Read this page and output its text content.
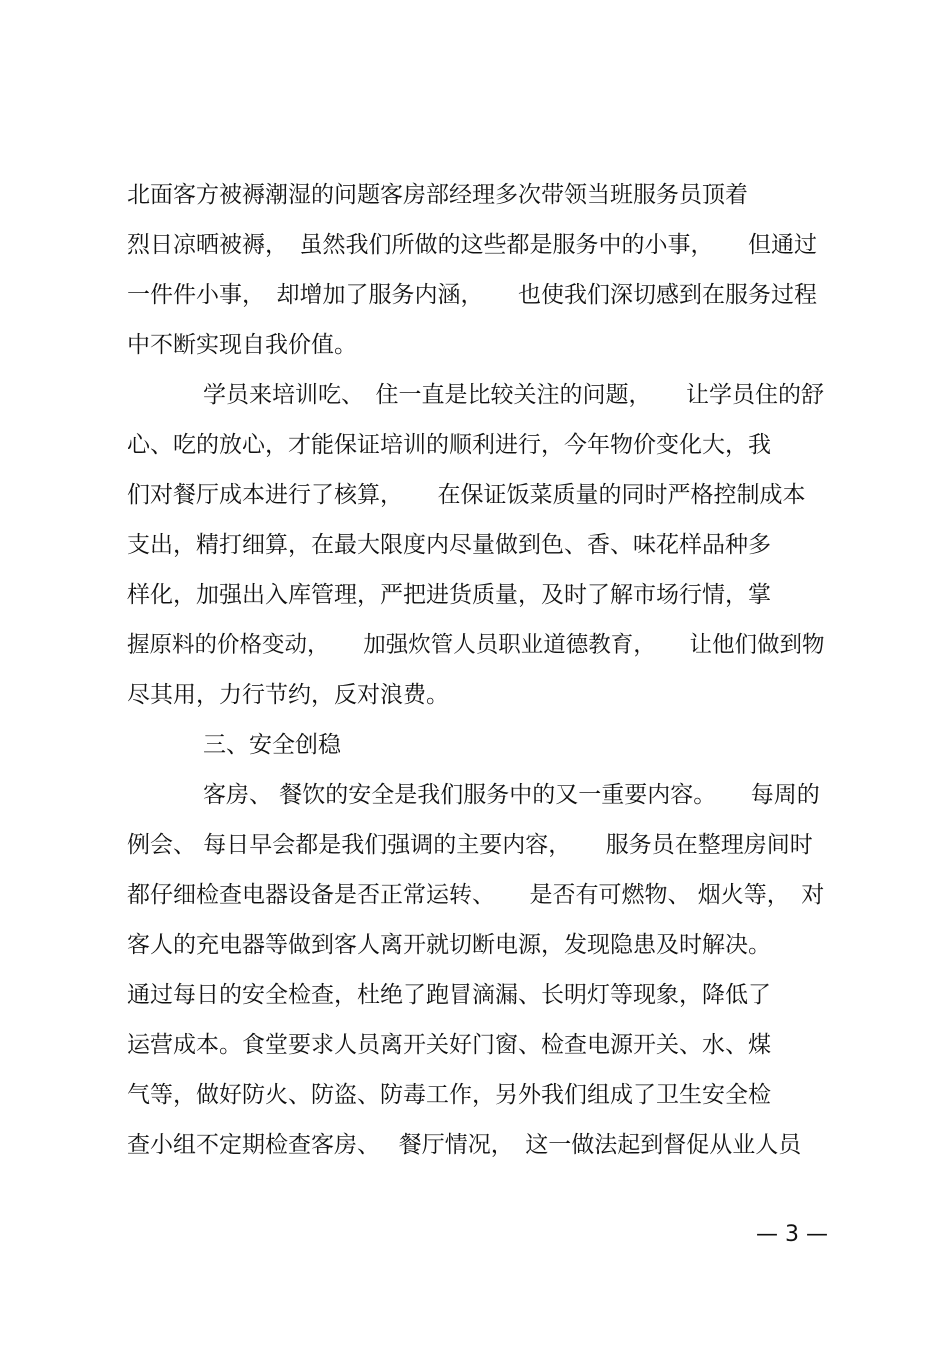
北面客方被褥潮湿的问题客房部经理多次带领当班服务员顶着
烈日凉晒被褥，　虽然我们所做的这些都是服务中的小事，　　但通过
一件件小事，　却增加了服务内涵，　　也使我们深切感到在服务过程
中不断实现自我价值。
学员来培训吃、　住一直是比较关注的问题，　　让学员住的舒
心、吃的放心，才能保证培训的顺利进行，今年物价变化大，我
们对餐厅成本进行了核算，　　在保证饭菜质量的同时严格控制成本
支出，精打细算，在最大限度内尽量做到色、香、味花样品种多
样化，加强出入库管理，严把进货质量，及时了解市场行情，掌
握原料的价格变动，　　加强炊管人员职业道德教育，　　让他们做到物
尽其用，力行节约，反对浪费。
三、安全创稳
客房、 餐饮的安全是我们服务中的又一重要内容。　　每周的
例会、 每日早会都是我们强调的主要内容，　　服务员在整理房间时
都仔细检查电器设备是否正常运转、　　是否有可燃物、 烟火等，　对
客人的充电器等做到客人离开就切断电源，发现隐患及时解决。
通过每日的安全检查，杜绝了跑冒滴漏、长明灯等现象，降低了
运营成本。食堂要求人员离开关好门窗、检查电源开关、水、煤
气等，做好防火、防盗、防毒工作，另外我们组成了卫生安全检
查小组不定期检查客房、　 餐厅情况，　这一做法起到督促从业人员
— 3 —
